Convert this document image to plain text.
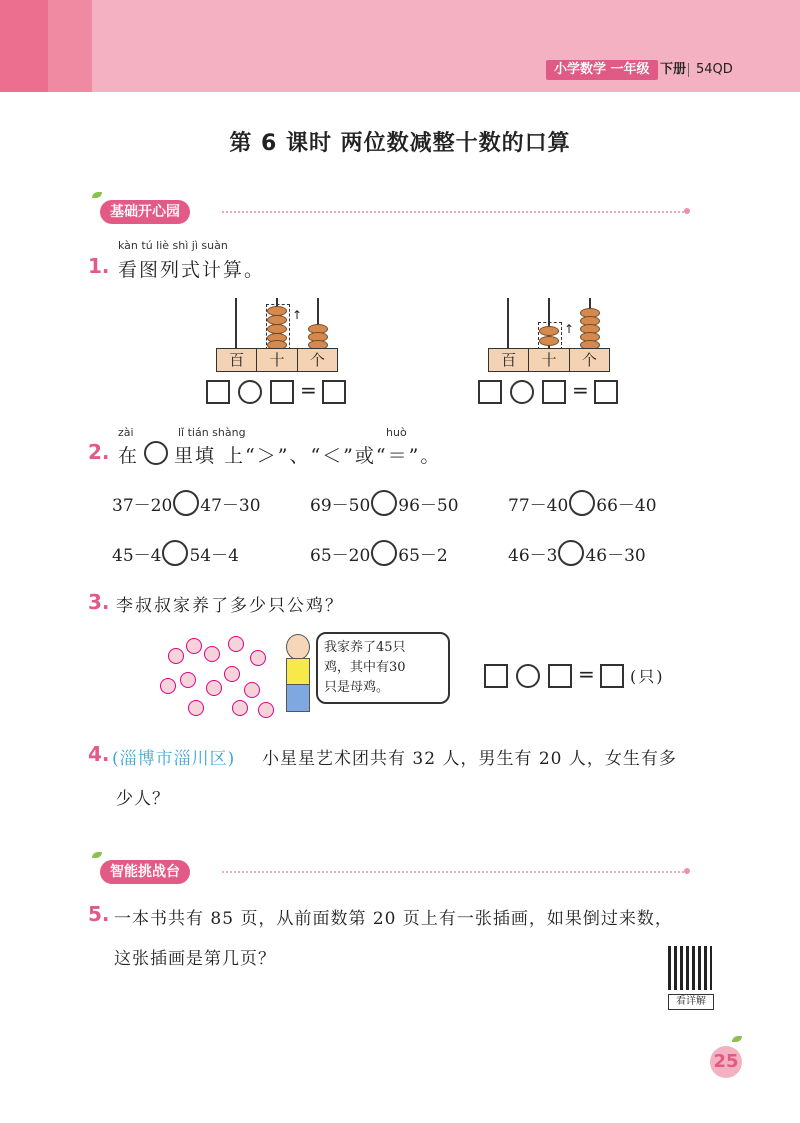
小学数学 一年级 下册 54QD
第 6 课时 两位数减整十数的口算
基础开心园
kàn tú liè shì jì suàn
1. 看图列式计算。
↑
百	十	个
=
↑
百	十	个
=
zài	lǐ tián shàng	huò
2. 在 里填 上“＞”、“＜”或“＝”。
37－20 47－30	69－50 96－50	77－40 66－40
45－4 54－4	65－20 65－2	46－3 46－30
3. 李叔叔家养了多少只公鸡？
我家养了45只
鸡，其中有30
只是母鸡。
= (只)
4. (淄博市淄川区) 小星星艺术团共有 32 人，男生有 20 人，女生有多
少人？
智能挑战台
5. 一本书共有 85 页，从前面数第 20 页上有一张插画，如果倒过来数，
这张插画是第几页？
看详解
25
